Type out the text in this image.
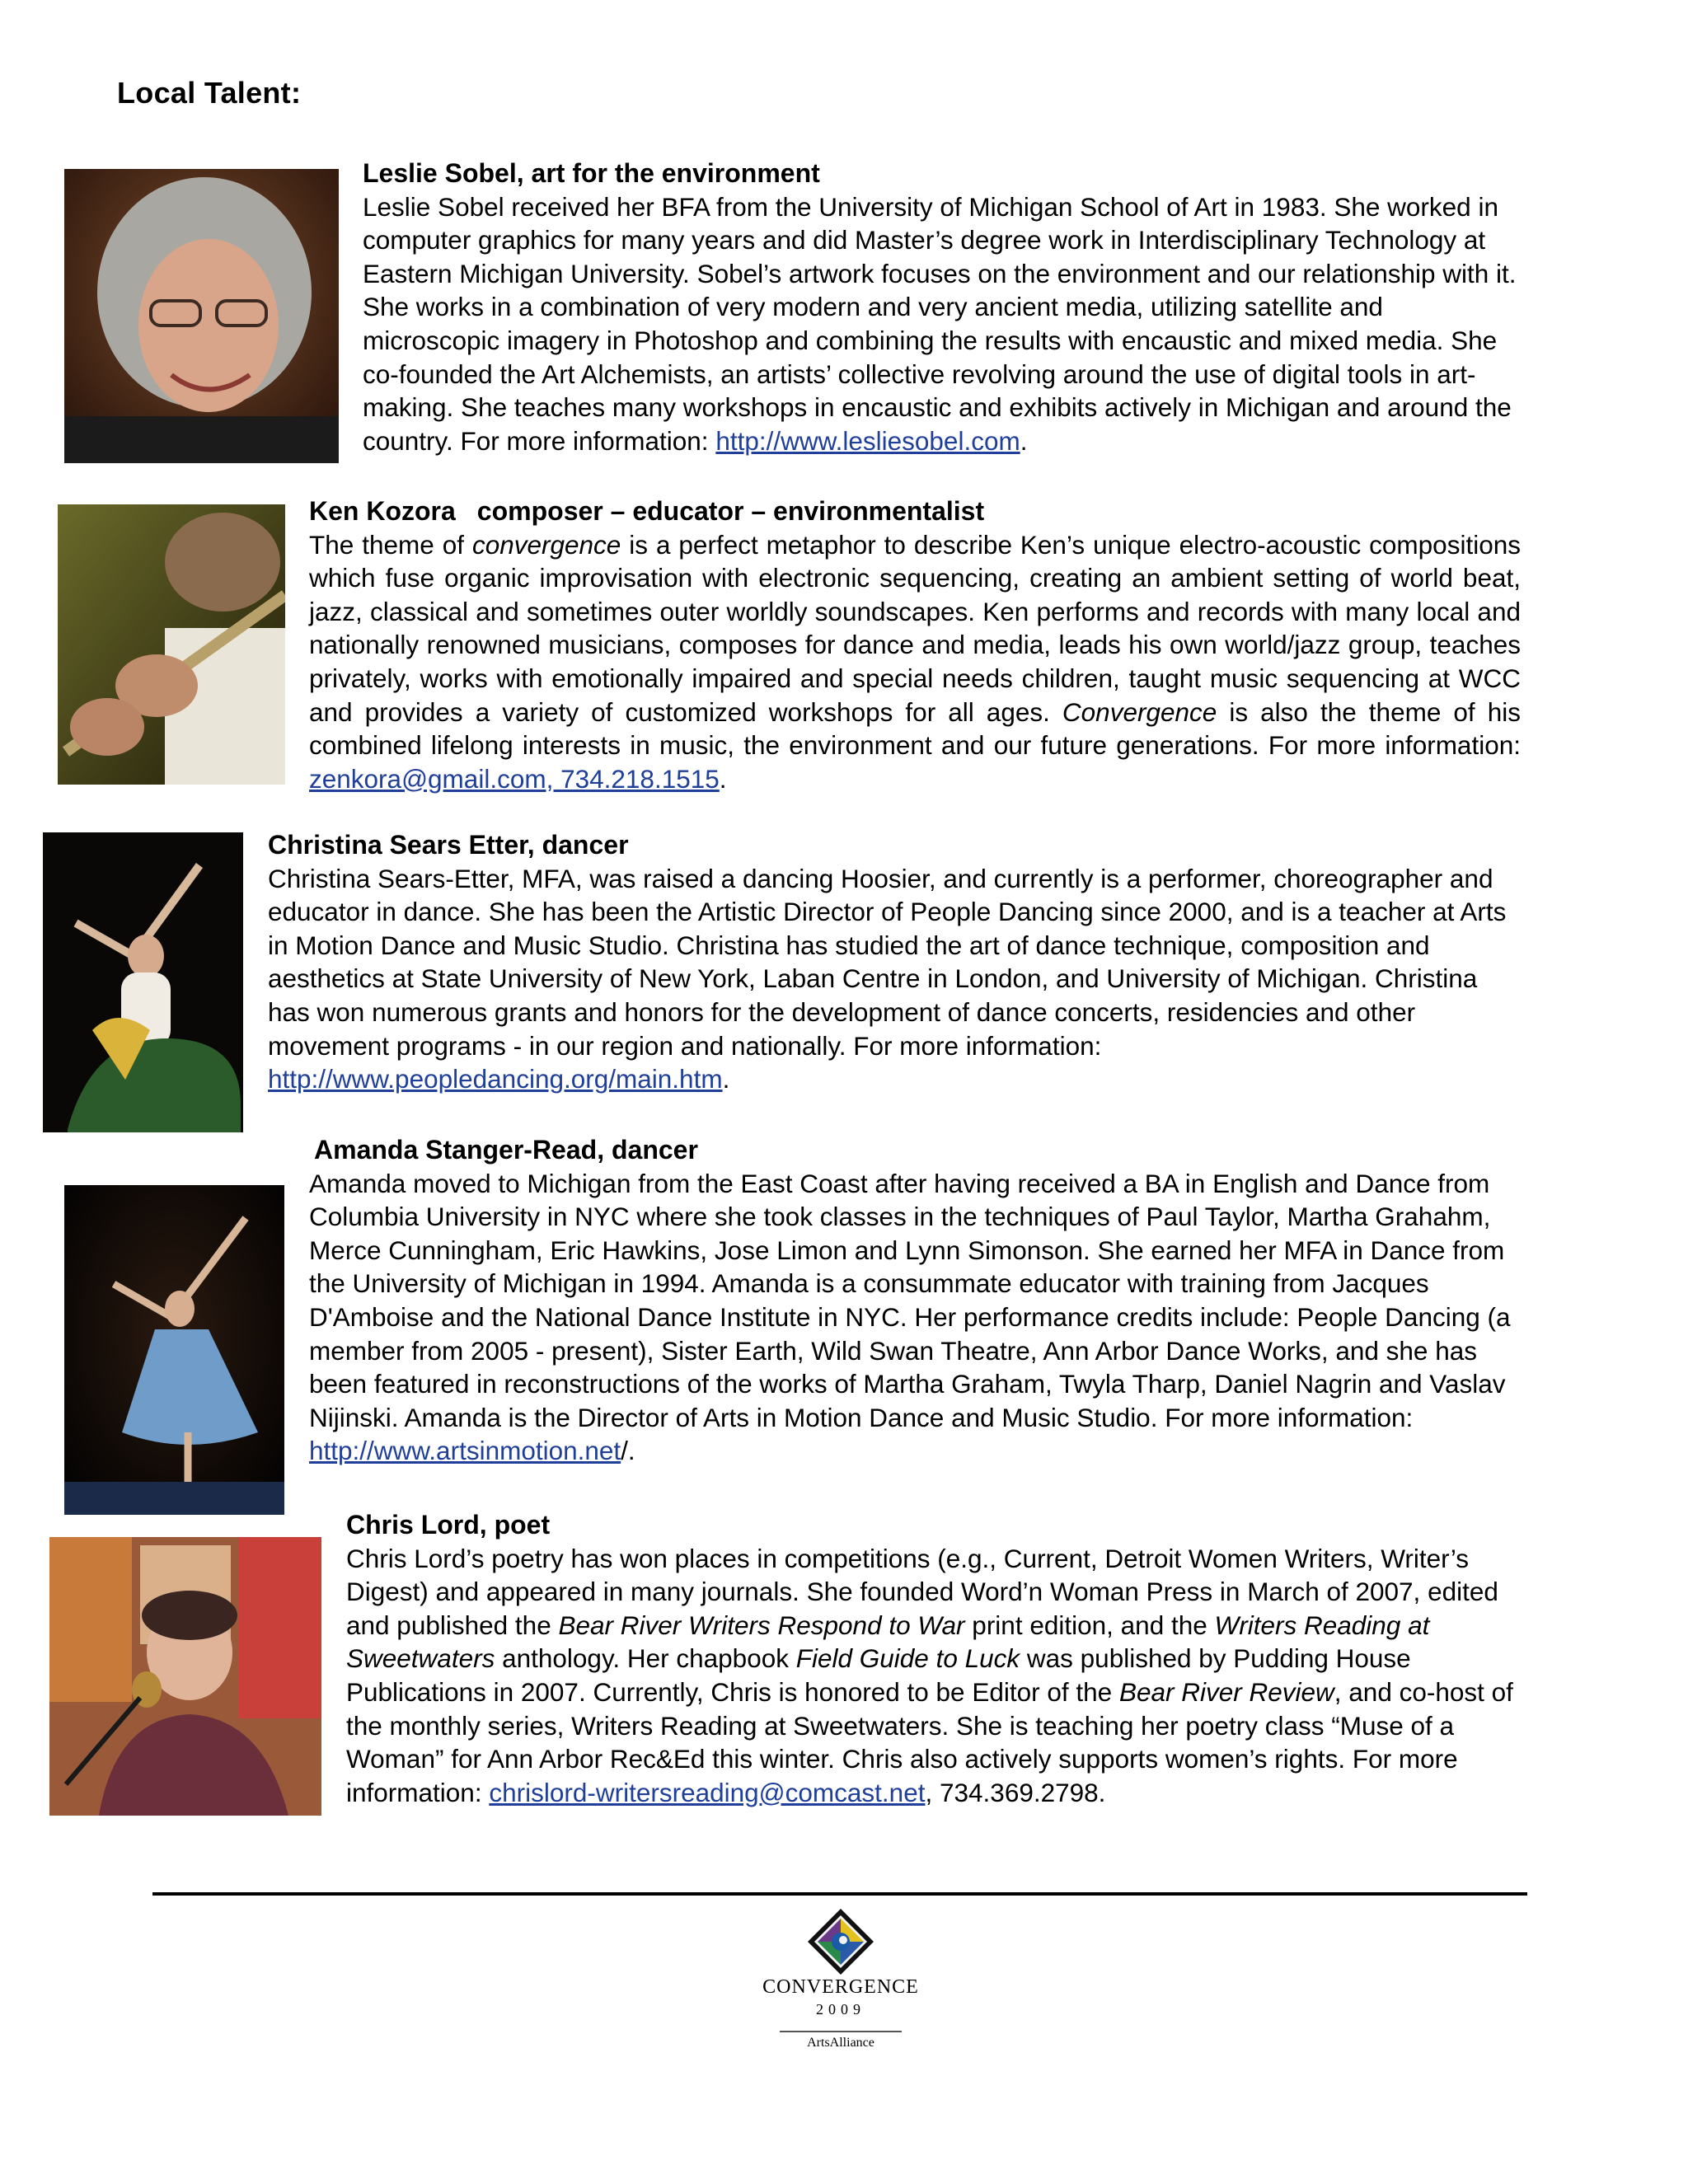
Local Talent:

Leslie Sobel, art for the environment

Leslie Sobel received her BFA from the University of Michigan School of Art in 1983. She worked in computer graphics for many years and did Master’s degree work in Interdisciplinary Technology at Eastern Michigan University. Sobel’s artwork focuses on the environment and our relationship with it. She works in a combination of very modern and very ancient media, utilizing satellite and microscopic imagery in Photoshop and combining the results with encaustic and mixed media. She co-founded the Art Alchemists, an artists’ collective revolving around the use of digital tools in art-making. She teaches many workshops in encaustic and exhibits actively in Michigan and around the country. For more information: http://www.lesliesobel.com.

Ken Kozora composer – educator – environmentalist

The theme of convergence is a perfect metaphor to describe Ken’s unique electro-acoustic compositions which fuse organic improvisation with electronic sequencing, creating an ambient setting of world beat, jazz, classical and sometimes outer worldly soundscapes. Ken performs and records with many local and nationally renowned musicians, composes for dance and media, leads his own world/jazz group, teaches privately, works with emotionally impaired and special needs children, taught music sequencing at WCC and provides a variety of customized workshops for all ages. Convergence is also the theme of his combined lifelong interests in music, the environment and our future generations. For more information: zenkora@gmail.com, 734.218.1515.

Christina Sears Etter, dancer

Christina Sears-Etter, MFA, was raised a dancing Hoosier, and currently is a performer, choreographer and educator in dance. She has been the Artistic Director of People Dancing since 2000, and is a teacher at Arts in Motion Dance and Music Studio. Christina has studied the art of dance technique, composition and aesthetics at State University of New York, Laban Centre in London, and University of Michigan. Christina has won numerous grants and honors for the development of dance concerts, residencies and other movement programs - in our region and nationally. For more information: http://www.peopledancing.org/main.htm.

Amanda Stanger-Read, dancer

Amanda moved to Michigan from the East Coast after having received a BA in English and Dance from Columbia University in NYC where she took classes in the techniques of Paul Taylor, Martha Grahahm, Merce Cunningham, Eric Hawkins, Jose Limon and Lynn Simonson. She earned her MFA in Dance from the University of Michigan in 1994. Amanda is a consummate educator with training from Jacques D'Amboise and the National Dance Institute in NYC. Her performance credits include: People Dancing (a member from 2005 - present), Sister Earth, Wild Swan Theatre, Ann Arbor Dance Works, and she has been featured in reconstructions of the works of Martha Graham, Twyla Tharp, Daniel Nagrin and Vaslav Nijinski. Amanda is the Director of Arts in Motion Dance and Music Studio. For more information: http://www.artsinmotion.net/.

Chris Lord, poet

Chris Lord’s poetry has won places in competitions (e.g., Current, Detroit Women Writers, Writer’s Digest) and appeared in many journals. She founded Word’n Woman Press in March of 2007, edited and published the Bear River Writers Respond to War print edition, and the Writers Reading at Sweetwaters anthology. Her chapbook Field Guide to Luck was published by Pudding House Publications in 2007. Currently, Chris is honored to be Editor of the Bear River Review, and co-host of the monthly series, Writers Reading at Sweetwaters. She is teaching her poetry class “Muse of a Woman” for Ann Arbor Rec&Ed this winter. Chris also actively supports women’s rights. For more information: chrislord-writersreading@comcast.net, 734.369.2798.

CONVERGENCE
2009
ArtsAlliance
